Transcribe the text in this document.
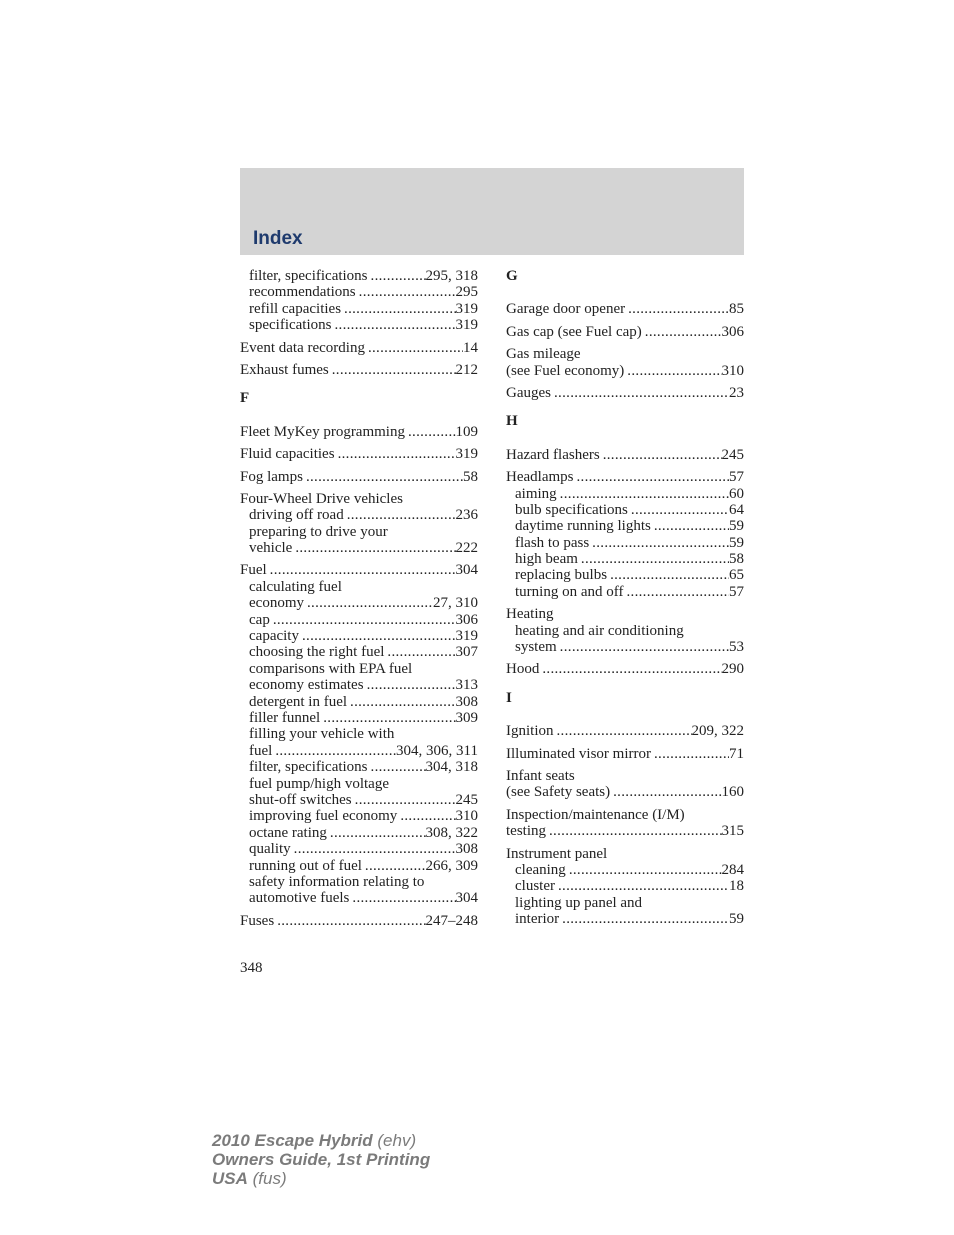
Index
filter, specifications .....	295, 318
recommendations .....	295
refill capacities .....	319
specifications .....	319
Event data recording .....	14
Exhaust fumes .....	212
F
Fleet MyKey programming .....	109
Fluid capacities .....	319
Fog lamps .....	58
Four-Wheel Drive vehicles
driving off road .....	236
preparing to drive your
vehicle .....	222
Fuel .....	304
calculating fuel
economy .....	27, 310
cap .....	306
capacity .....	319
choosing the right fuel .....	307
comparisons with EPA fuel
economy estimates .....	313
detergent in fuel .....	308
filler funnel .....	309
filling your vehicle with
fuel .....	304, 306, 311
filter, specifications .....	304, 318
fuel pump/high voltage
shut-off switches .....	245
improving fuel economy .....	310
octane rating .....	308, 322
quality .....	308
running out of fuel .....	266, 309
safety information relating to
automotive fuels .....	304
Fuses .....	247–248
G
Garage door opener .....	85
Gas cap (see Fuel cap) .....	306
Gas mileage
(see Fuel economy) .....	310
Gauges .....	23
H
Hazard flashers .....	245
Headlamps .....	57
aiming .....	60
bulb specifications .....	64
daytime running lights .....	59
flash to pass .....	59
high beam .....	58
replacing bulbs .....	65
turning on and off .....	57
Heating
heating and air conditioning
system .....	53
Hood .....	290
I
Ignition .....	209, 322
Illuminated visor mirror .....	71
Infant seats
(see Safety seats) .....	160
Inspection/maintenance (I/M)
testing .....	315
Instrument panel
cleaning .....	284
cluster .....	18
lighting up panel and
interior .....	59
348
2010 Escape Hybrid (ehv)
Owners Guide, 1st Printing
USA (fus)
